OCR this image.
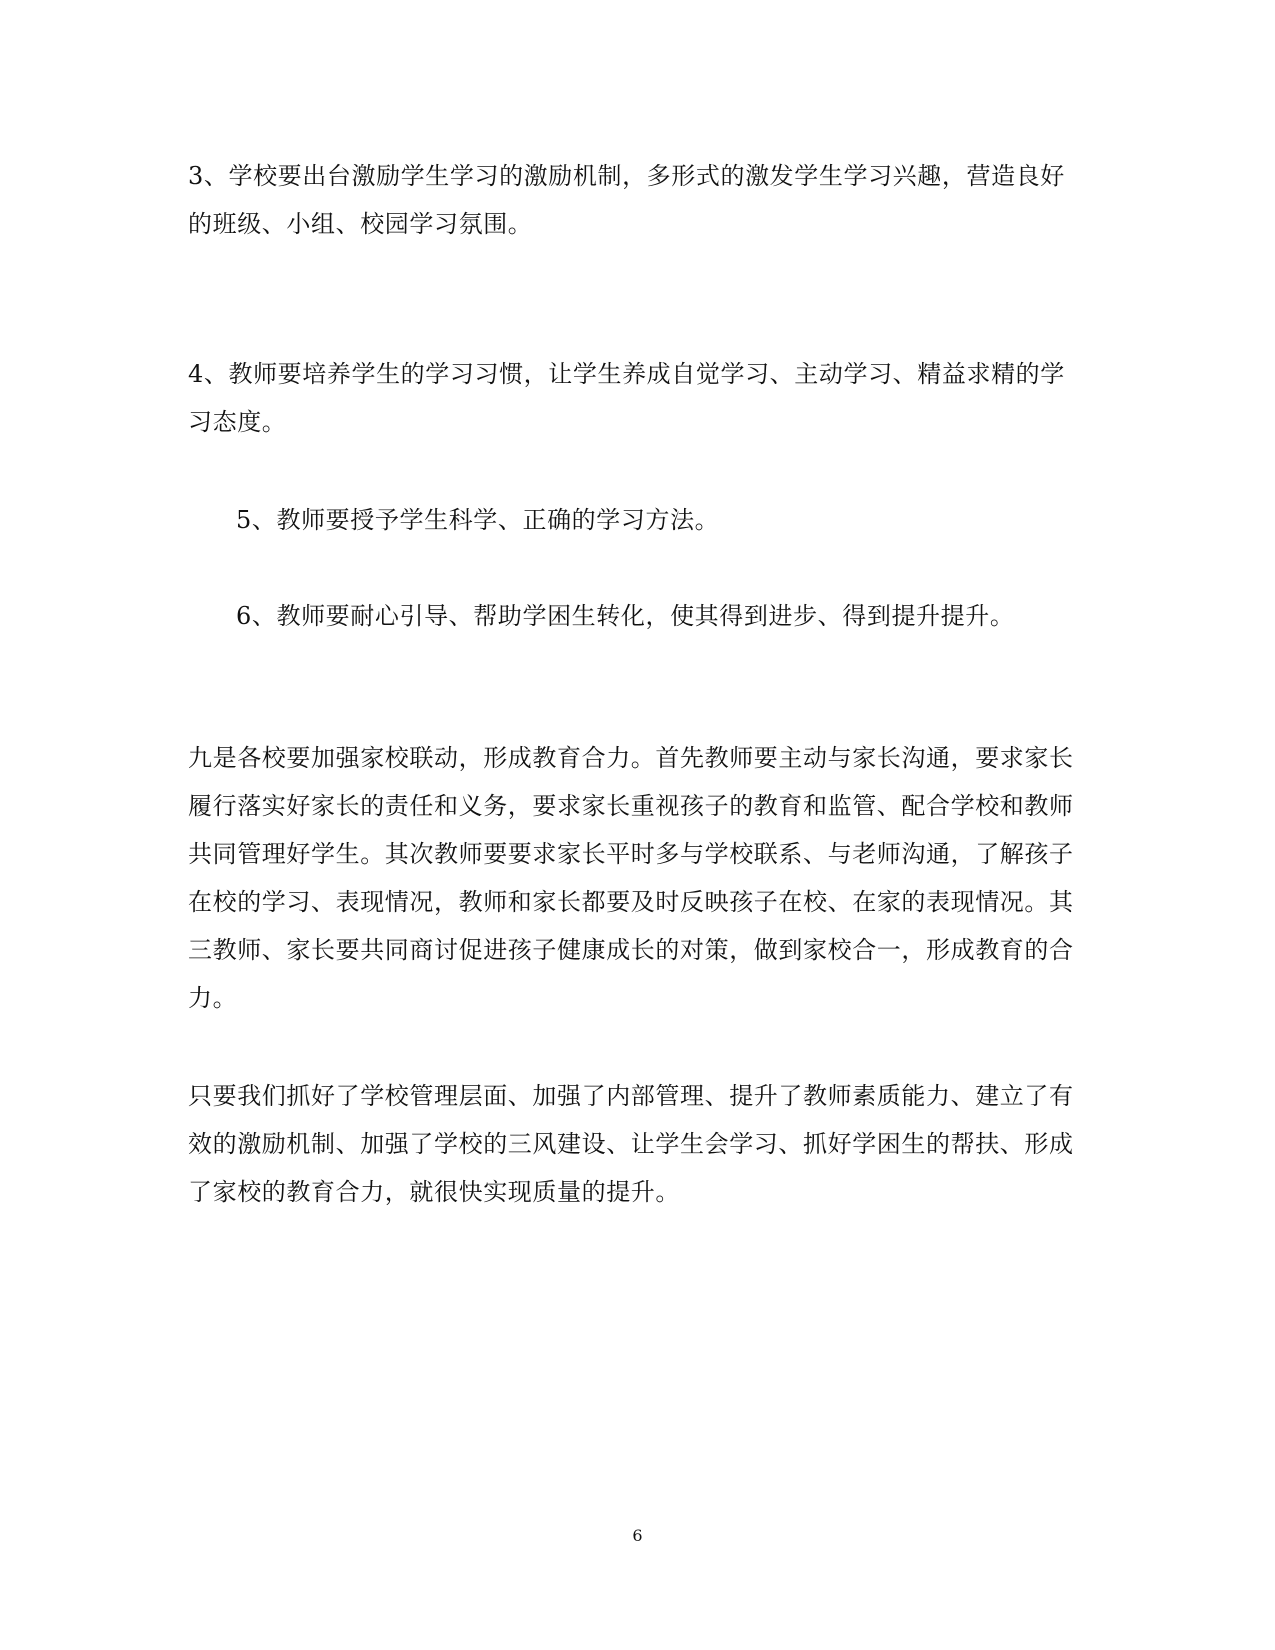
3、学校要出台激励学生学习的激励机制，多形式的激发学生学习兴趣，营造良好
的班级、小组、校园学习氛围。
4、教师要培养学生的学习习惯，让学生养成自觉学习、主动学习、精益求精的学
习态度。
5、教师要授予学生科学、正确的学习方法。
6、教师要耐心引导、帮助学困生转化，使其得到进步、得到提升提升。
九是各校要加强家校联动，形成教育合力。首先教师要主动与家长沟通，要求家长
履行落实好家长的责任和义务，要求家长重视孩子的教育和监管、配合学校和教师
共同管理好学生。其次教师要要求家长平时多与学校联系、与老师沟通，了解孩子
在校的学习、表现情况，教师和家长都要及时反映孩子在校、在家的表现情况。其
三教师、家长要共同商讨促进孩子健康成长的对策，做到家校合一，形成教育的合
力。
只要我们抓好了学校管理层面、加强了内部管理、提升了教师素质能力、建立了有
效的激励机制、加强了学校的三风建设、让学生会学习、抓好学困生的帮扶、形成
了家校的教育合力，就很快实现质量的提升。
6
